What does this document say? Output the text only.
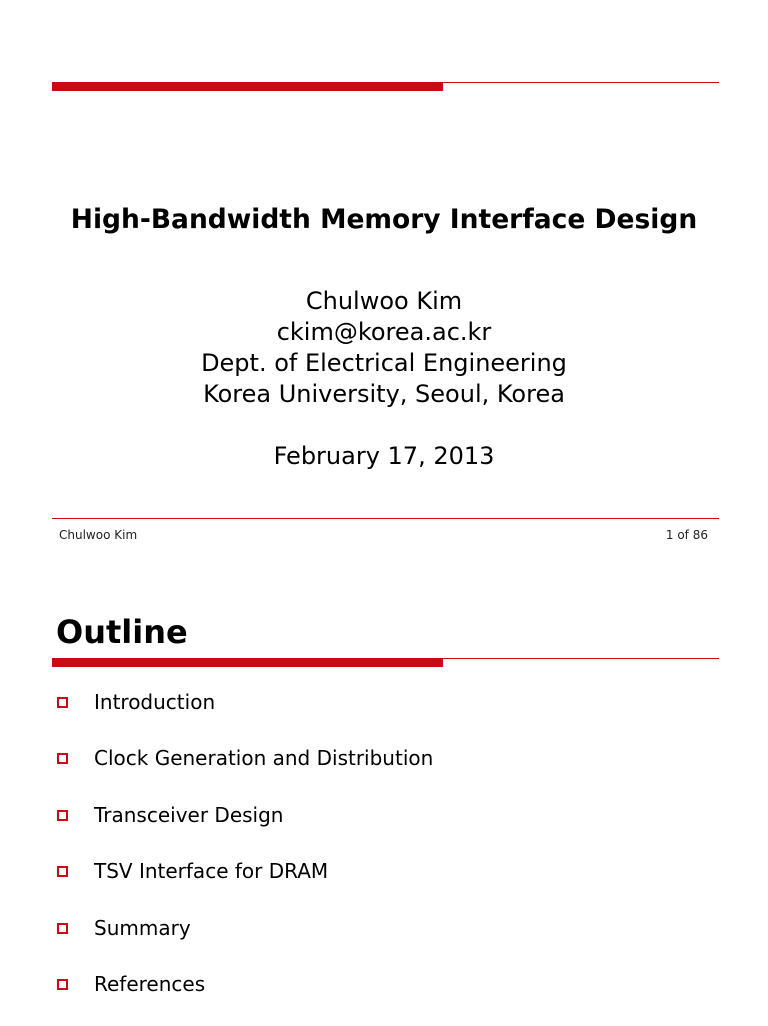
High-Bandwidth Memory Interface Design
Chulwoo Kim
ckim@korea.ac.kr
Dept. of Electrical Engineering
Korea University, Seoul, Korea
February 17, 2013
Chulwoo Kim	1 of 86
Outline
Introduction
Clock Generation and Distribution
Transceiver Design
TSV Interface for DRAM
Summary
References
